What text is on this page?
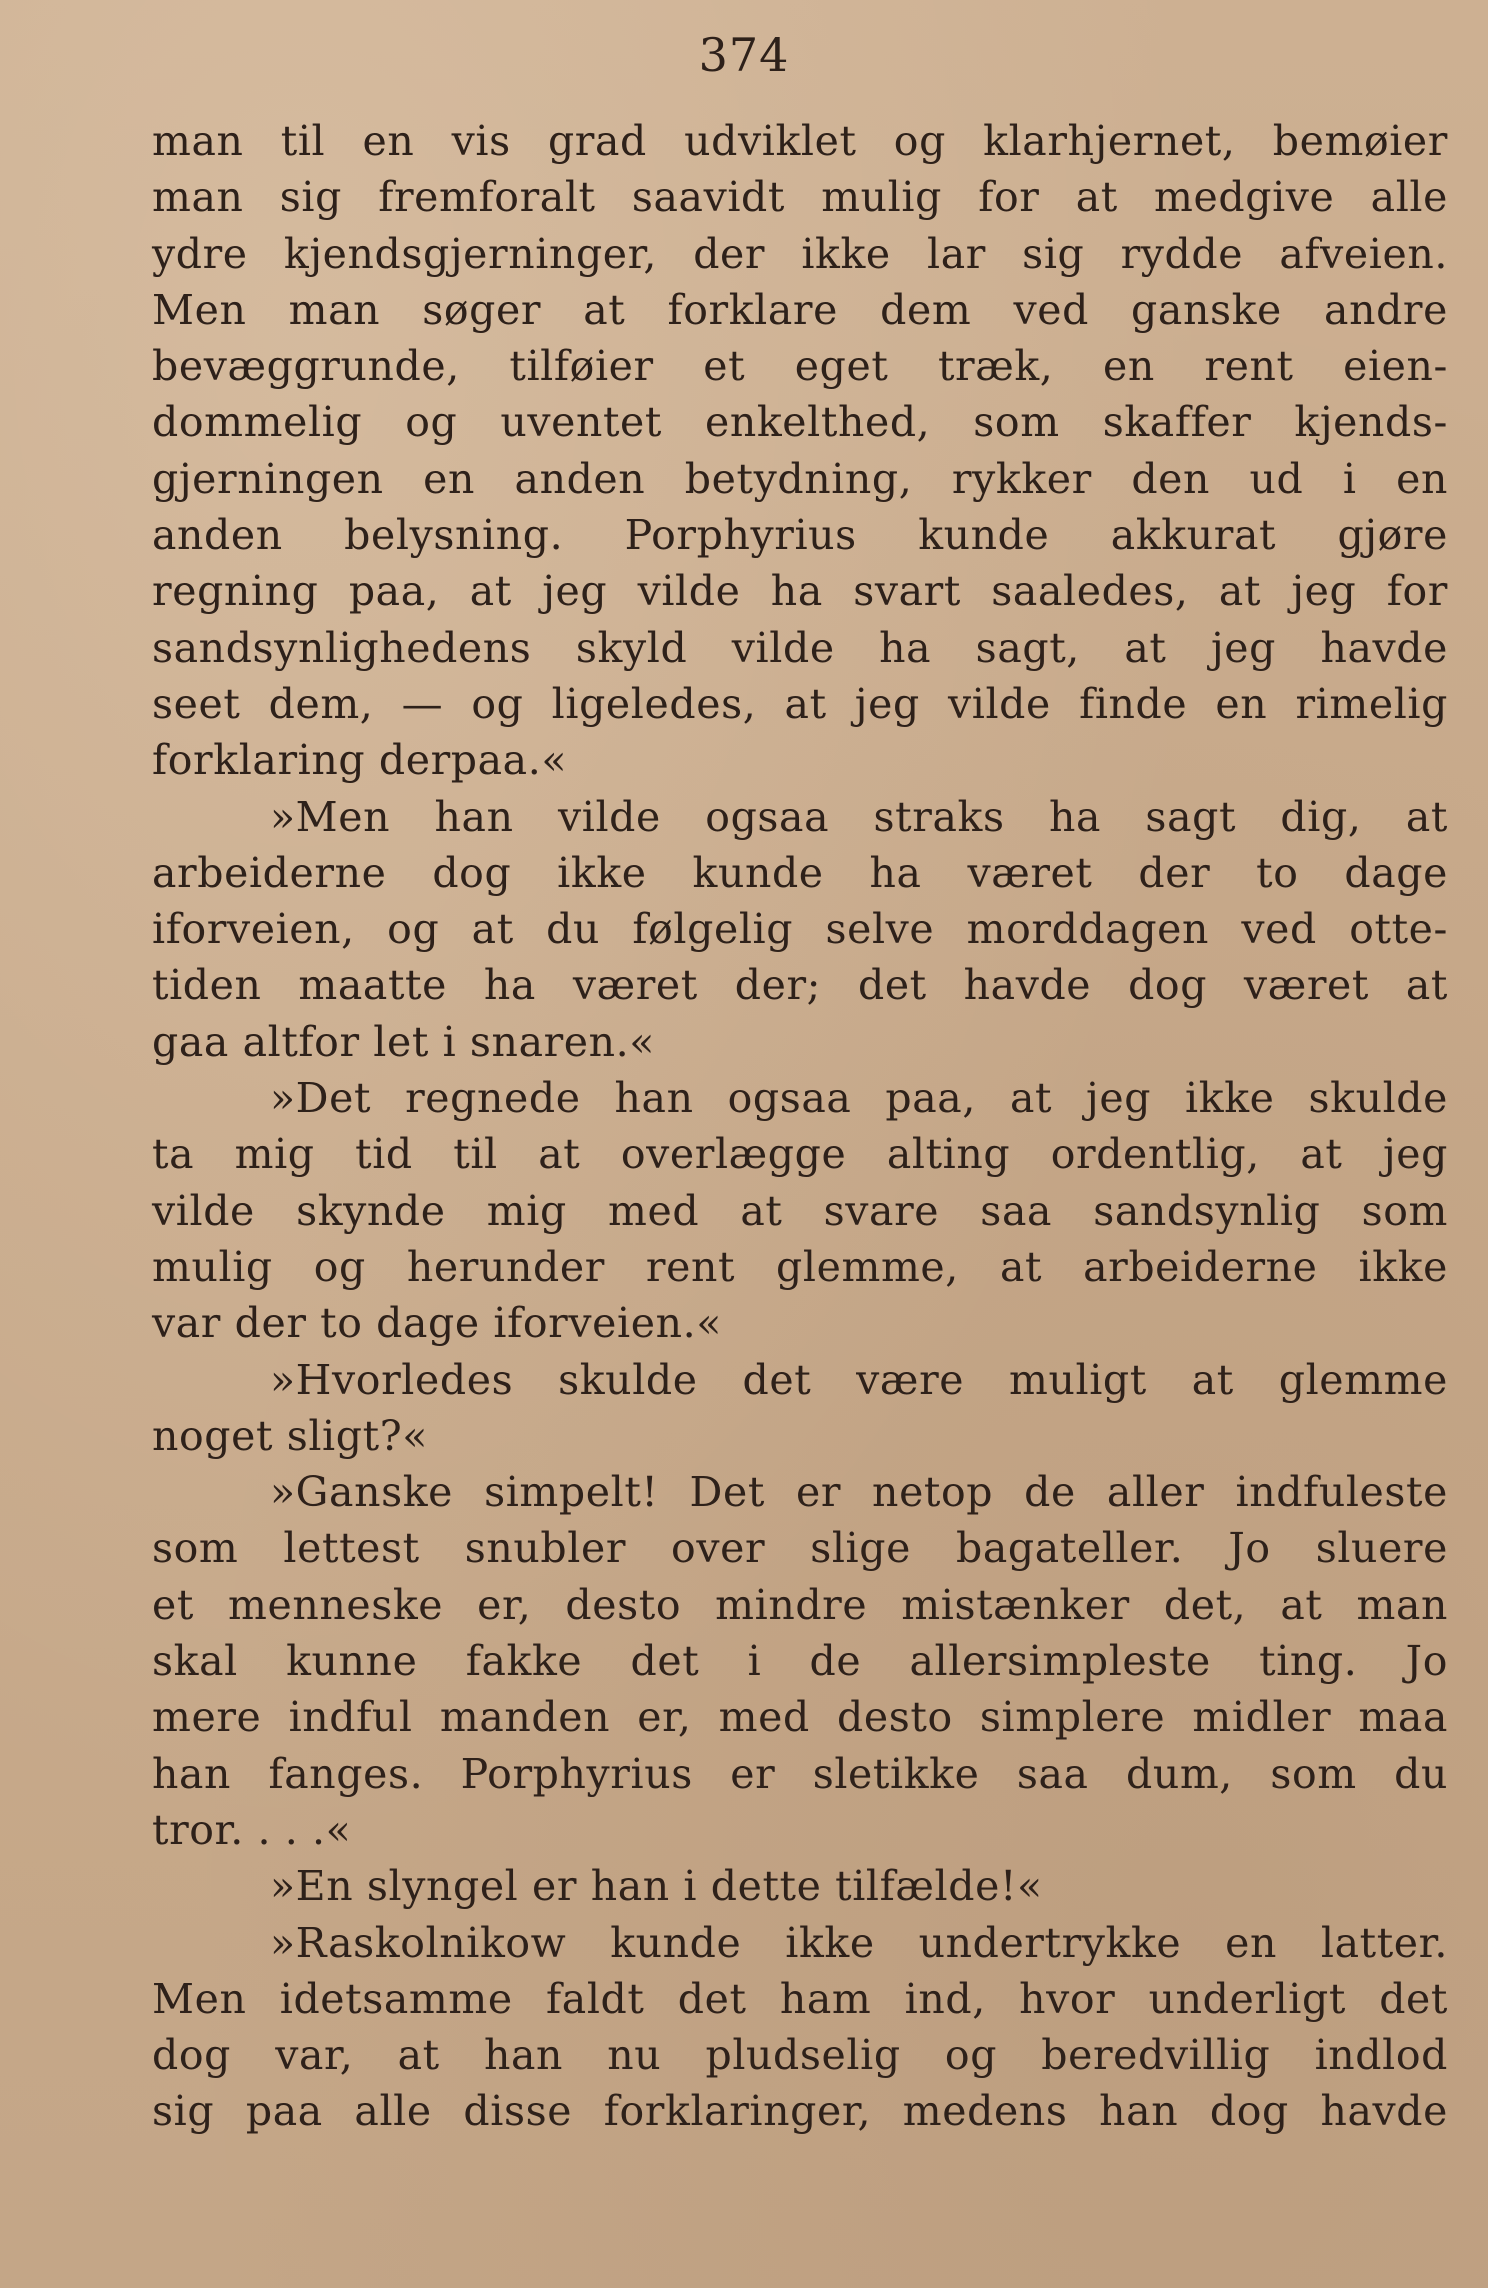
374
man til en vis grad udviklet og klarhjernet, bemøier
man sig fremforalt saavidt mulig for at medgive alle
ydre kjendsgjerninger, der ikke lar sig rydde afveien.
Men man søger at forklare dem ved ganske andre
bevæggrunde, tilføier et eget træk, en rent eien-
dommelig og uventet enkelthed, som skaffer kjends-
gjerningen en anden betydning, rykker den ud i en
anden belysning. Porphyrius kunde akkurat gjøre
regning paa, at jeg vilde ha svart saaledes, at jeg for
sandsynlighedens skyld vilde ha sagt, at jeg havde
seet dem, — og ligeledes, at jeg vilde finde en rimelig
forklaring derpaa.«
»Men han vilde ogsaa straks ha sagt dig, at
arbeiderne dog ikke kunde ha været der to dage
iforveien, og at du følgelig selve morddagen ved otte-
tiden maatte ha været der; det havde dog været at
gaa altfor let i snaren.«
»Det regnede han ogsaa paa, at jeg ikke skulde
ta mig tid til at overlægge alting ordentlig, at jeg
vilde skynde mig med at svare saa sandsynlig som
mulig og herunder rent glemme, at arbeiderne ikke
var der to dage iforveien.«
»Hvorledes skulde det være muligt at glemme
noget sligt?«
»Ganske simpelt! Det er netop de aller indfuleste
som lettest snubler over slige bagateller. Jo sluere
et menneske er, desto mindre mistænker det, at man
skal kunne fakke det i de allersimpleste ting. Jo
mere indful manden er, med desto simplere midler maa
han fanges. Porphyrius er sletikke saa dum, som du
tror. . . .«
»En slyngel er han i dette tilfælde!«
»Raskolnikow kunde ikke undertrykke en latter.
Men idetsamme faldt det ham ind, hvor underligt det
dog var, at han nu pludselig og beredvillig indlod
sig paa alle disse forklaringer, medens han dog havde
